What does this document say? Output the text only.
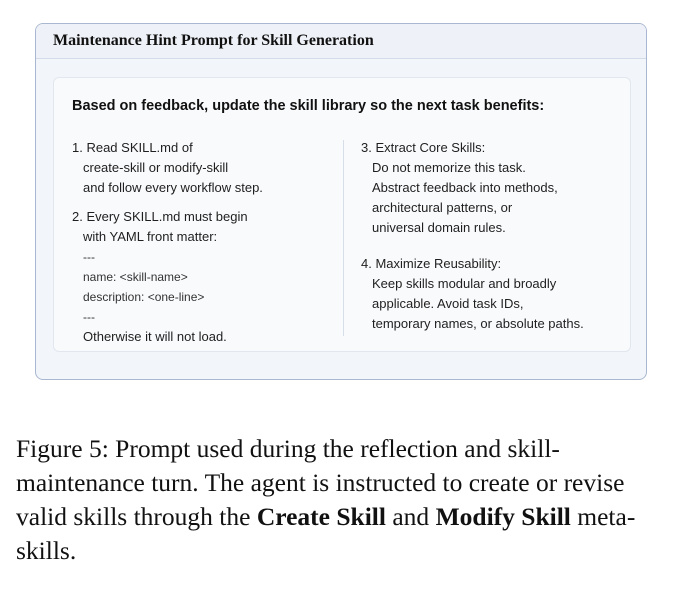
Maintenance Hint Prompt for Skill Generation
Based on feedback, update the skill library so the next task benefits:
1. Read SKILL.md of
create-skill or modify-skill
and follow every workflow step.
2. Every SKILL.md must begin
with YAML front matter:
---
name: <skill-name>
description: <one-line>
---
Otherwise it will not load.
3. Extract Core Skills:
Do not memorize this task.
Abstract feedback into methods,
architectural patterns, or
universal domain rules.
4. Maximize Reusability:
Keep skills modular and broadly
applicable. Avoid task IDs,
temporary names, or absolute paths.
Figure 5: Prompt used during the reflection and skill-maintenance turn. The agent is instructed to create or revise valid skills through the Create Skill and Modify Skill meta-skills.
